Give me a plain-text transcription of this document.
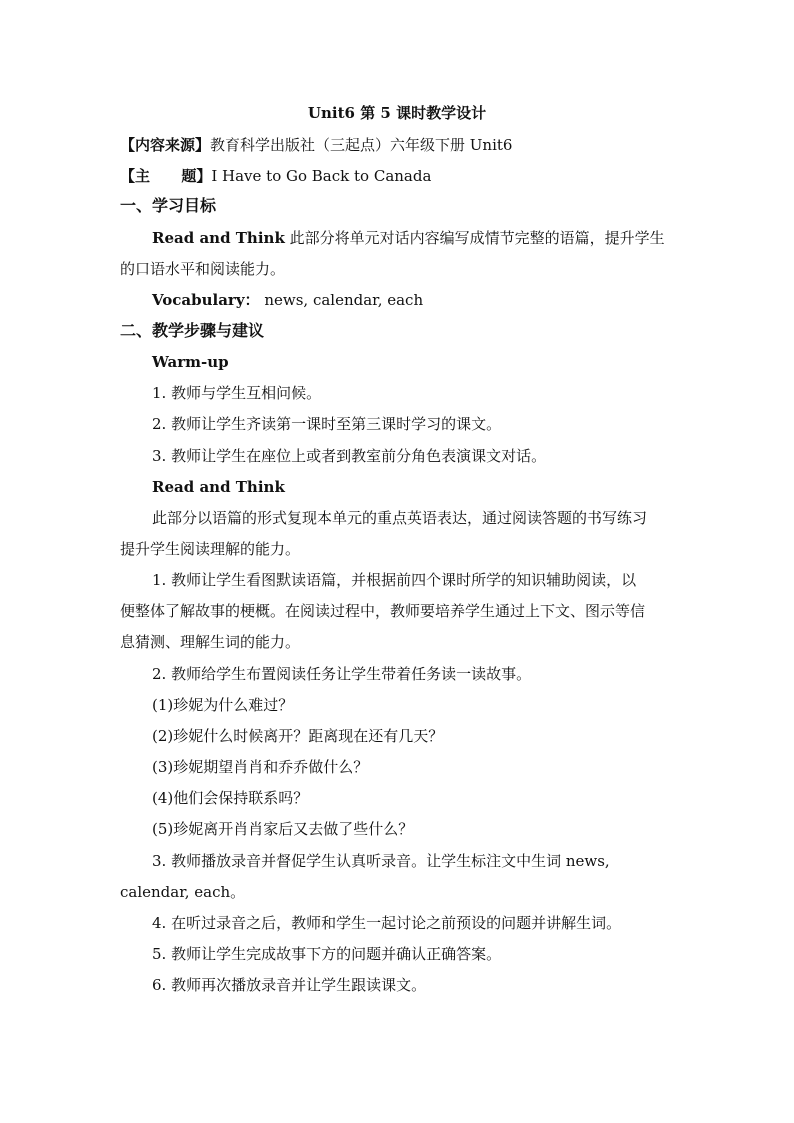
Unit6 第 5 课时教学设计
【内容来源】教育科学出版社（三起点）六年级下册 Unit6
【主      题】I Have to Go Back to Canada
一、学习目标
Read and Think 此部分将单元对话内容编写成情节完整的语篇，提升学生
的口语水平和阅读能力。
Vocabulary： news, calendar, each
二、教学步骤与建议
Warm-up
1. 教师与学生互相问候。
2. 教师让学生齐读第一课时至第三课时学习的课文。
3. 教师让学生在座位上或者到教室前分角色表演课文对话。
Read and Think
此部分以语篇的形式复现本单元的重点英语表达，通过阅读答题的书写练习
提升学生阅读理解的能力。
1. 教师让学生看图默读语篇，并根据前四个课时所学的知识辅助阅读，以
便整体了解故事的梗概。在阅读过程中，教师要培养学生通过上下文、图示等信
息猜测、理解生词的能力。
2. 教师给学生布置阅读任务让学生带着任务读一读故事。
(1)珍妮为什么难过？
(2)珍妮什么时候离开？距离现在还有几天？
(3)珍妮期望肖肖和乔乔做什么？
(4)他们会保持联系吗？
(5)珍妮离开肖肖家后又去做了些什么？
3. 教师播放录音并督促学生认真听录音。让学生标注文中生词 news,
calendar, each。
4. 在听过录音之后，教师和学生一起讨论之前预设的问题并讲解生词。
5. 教师让学生完成故事下方的问题并确认正确答案。
6. 教师再次播放录音并让学生跟读课文。
